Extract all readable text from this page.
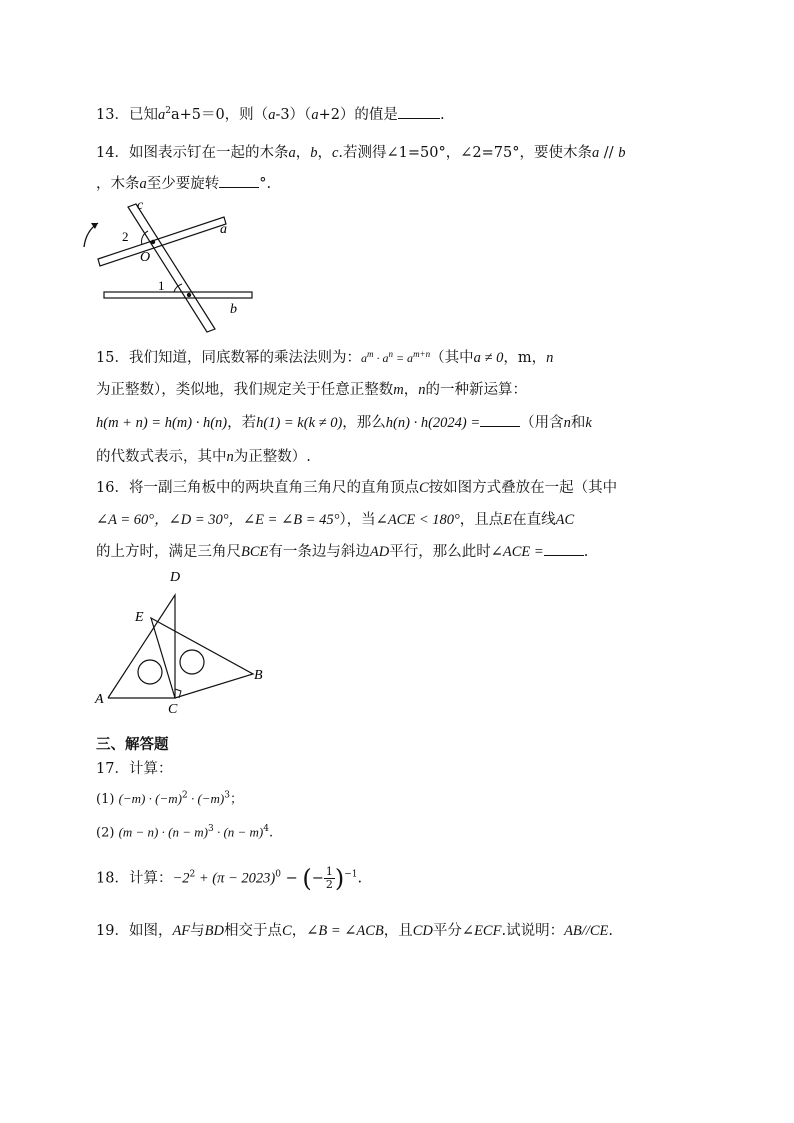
13．已知$a^2a+5=0$，则（a-3）（a+2）的值是	.
14．如图表示钉在一起的木条a，b，c.若测得∠1=50°，∠2=75°，要使木条a // b
，木条a至少要旋转	°.
c
a
b
O
1
2
15．我们知道，同底数幂的乘法法则为：$a^m \cdot a^n = a^{m+n}$（其中a ≠ 0，m，n
为正整数），类似地，我们规定关于任意正整数m，n的一种新运算：
h(m + n) = h(m) · h(n)，若h(1) = k(k ≠ 0)，那么h(n) · h(2024) =	（用含n和k
的代数式表示，其中n为正整数）.
16．将一副三角板中的两块直角三角尺的直角顶点C按如图方式叠放在一起（其中
∠A = 60°，∠D = 30°，∠E = ∠B = 45°），当∠ACE < 180°，且点E在直线AC
的上方时，满足三角尺BCE有一条边与斜边AD平行，那么此时∠ACE =	.
D
E
B
A
C
三、解答题
17．计算：
(1) $(-m) \cdot (-m)^2 \cdot (-m)^3$；
(2) $(m - n) \cdot (n - m)^3 \cdot (n - m)^4$.
18．计算：$-2^2 + (\pi - 2023)^0$ − (− $\frac{1}{2} )^{-1}$.
19．如图，AF与BD相交于点C，∠B = ∠ACB，且CD平分∠ECF.试说明：AB//CE.
